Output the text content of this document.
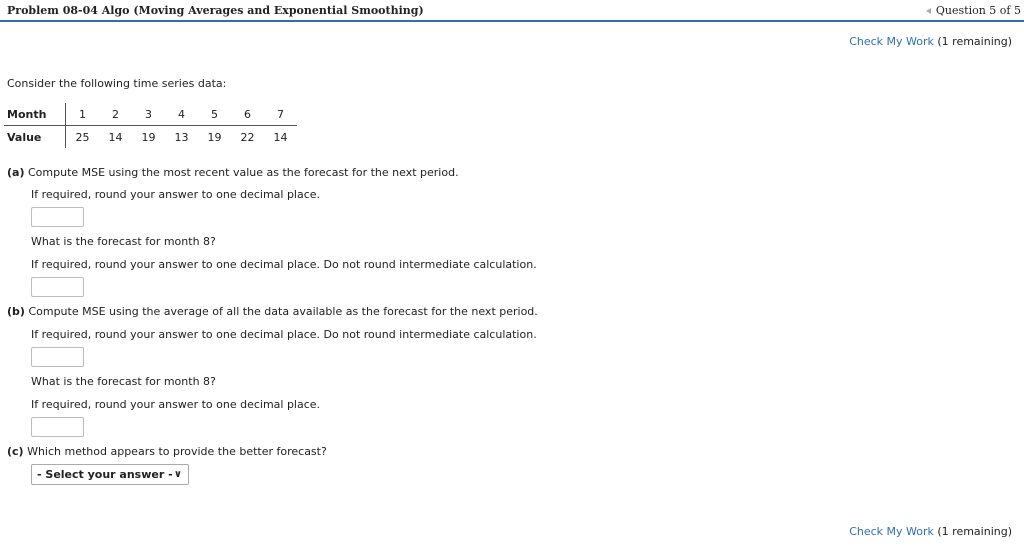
Problem 08-04 Algo (Moving Averages and Exponential Smoothing)	Question 5 of 5
Check My Work (1 remaining)
Consider the following time series data:
Month	1	2	3	4	5	6	7
Value	25	14	19	13	19	22	14
(a) Compute MSE using the most recent value as the forecast for the next period.
If required, round your answer to one decimal place.
What is the forecast for month 8?
If required, round your answer to one decimal place. Do not round intermediate calculation.
(b) Compute MSE using the average of all the data available as the forecast for the next period.
If required, round your answer to one decimal place. Do not round intermediate calculation.
What is the forecast for month 8?
If required, round your answer to one decimal place.
(c) Which method appears to provide the better forecast?
- Select your answer - ∨
Check My Work (1 remaining)
